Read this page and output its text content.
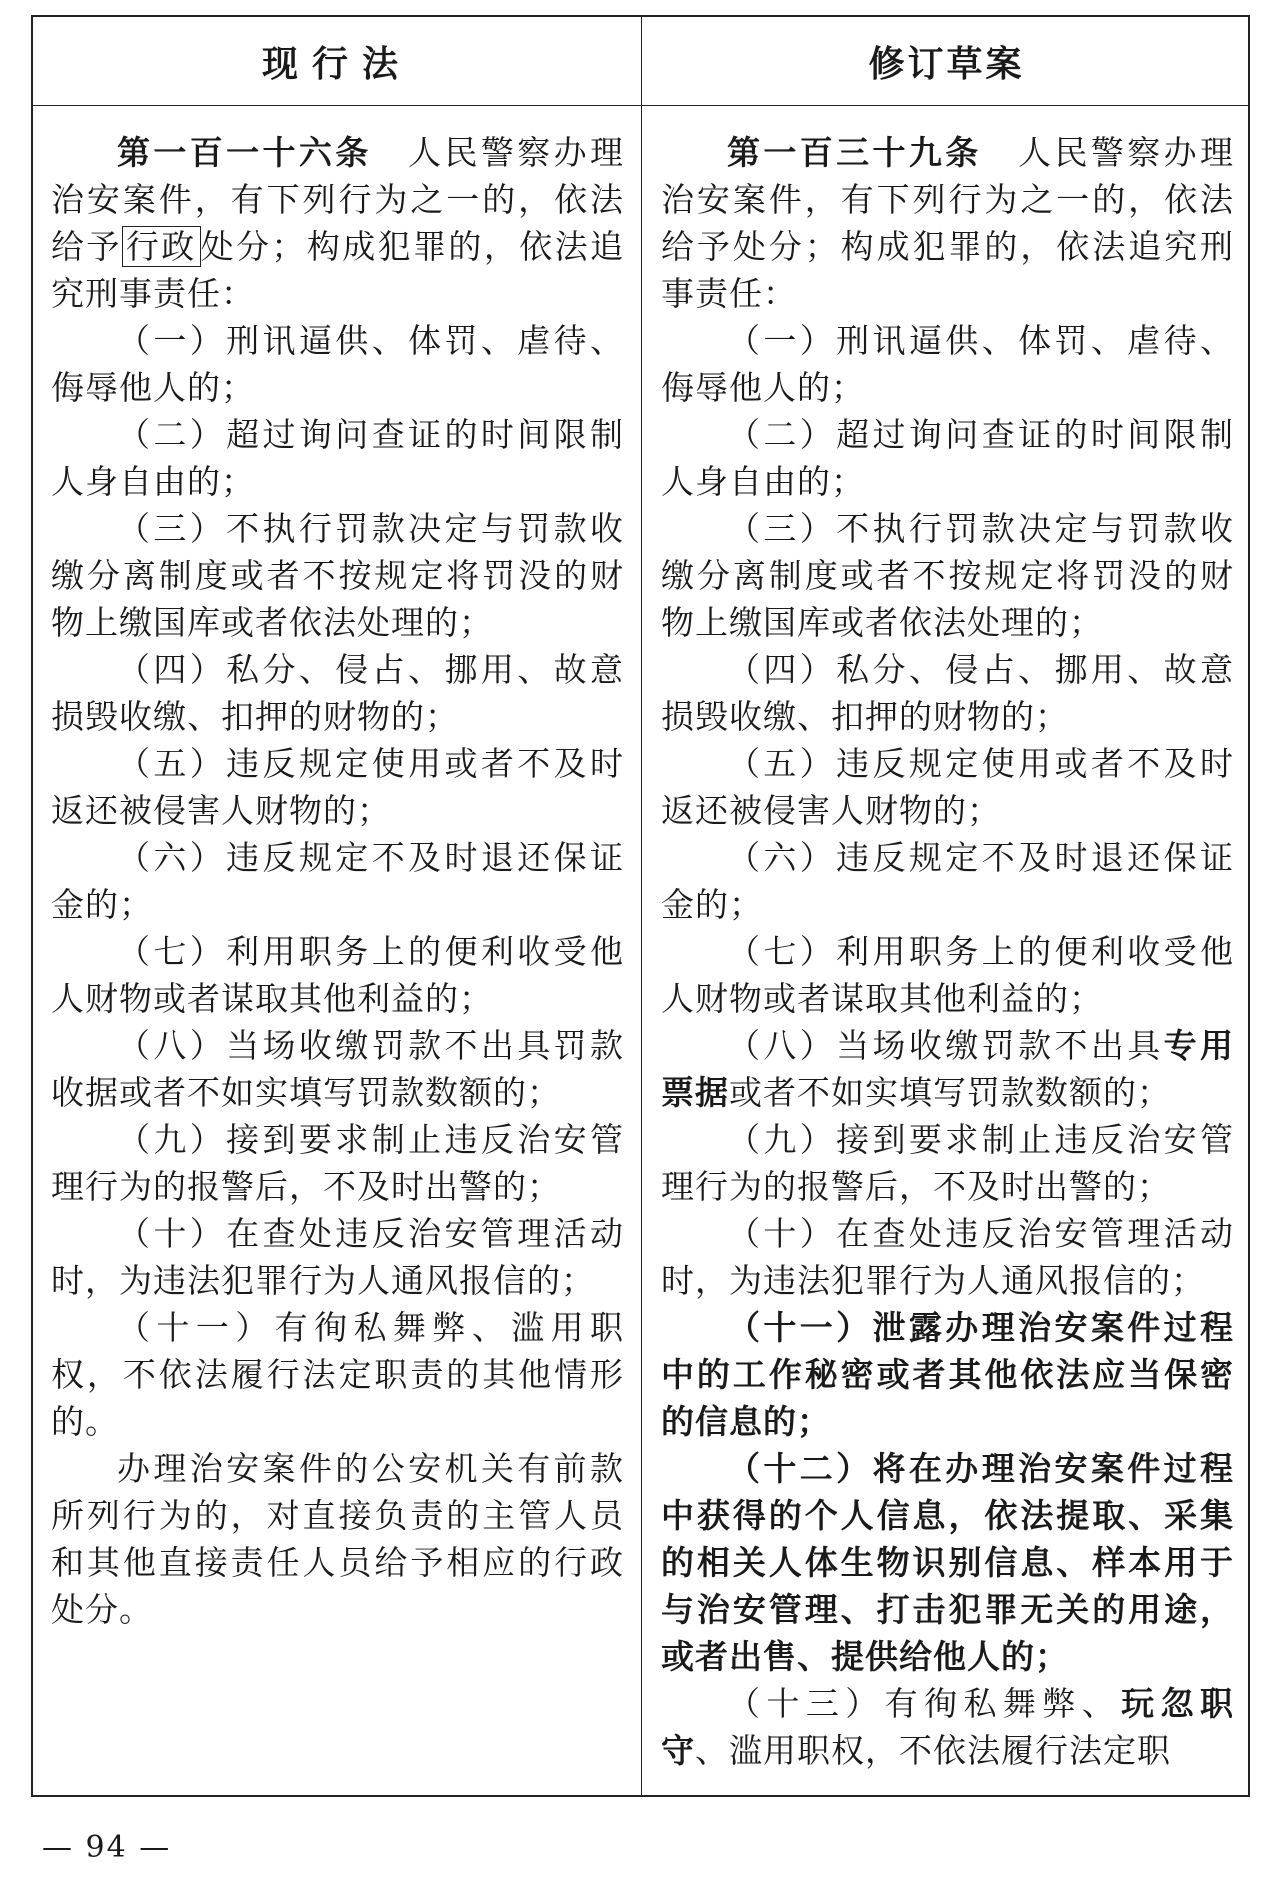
现行法	修订草案

第一百一十六条　 人民警察办理治安案件，有下列行为之一的，依法给予 行政 处分；构成犯罪的，依法追究刑事责任：

（一）刑讯逼供、体罚、虐待、侮辱他人的；

（二）超过询问查证的时间限制人身自由的；

（三）不执行罚款决定与罚款收缴分离制度或者不按规定将罚没的财物上缴国库或者依法处理的；

（四）私分、侵占、挪用、故意损毁收缴、扣押的财物的；

（五）违反规定使用或者不及时返还被侵害人财物的；

（六）违反规定不及时退还保证金的；

（七）利用职务上的便利收受他人财物或者谋取其他利益的；

（八）当场收缴罚款不出具罚款收据或者不如实填写罚款数额的；

（九）接到要求制止违反治安管理行为的报警后，不及时出警的；

（十）在查处违反治安管理活动时，为违法犯罪行为人通风报信的；

（十一）有徇私舞弊、滥用职权，不依法履行法定职责的其他情形的。

办理治安案件的公安机关有前款所列行为的，对直接负责的主管人员和其他直接责任人员给予相应的行政处分。

第一百三十九条　 人民警察办理治安案件，有下列行为之一的，依法给予处分；构成犯罪的，依法追究刑事责任：

（一）刑讯逼供、体罚、虐待、侮辱他人的；

（二）超过询问查证的时间限制人身自由的；

（三）不执行罚款决定与罚款收缴分离制度或者不按规定将罚没的财物上缴国库或者依法处理的；

（四）私分、侵占、挪用、故意损毁收缴、扣押的财物的；

（五）违反规定使用或者不及时返还被侵害人财物的；

（六）违反规定不及时退还保证金的；

（七）利用职务上的便利收受他人财物或者谋取其他利益的；

（八）当场收缴罚款不出具专用票据或者不如实填写罚款数额的；

（九）接到要求制止违反治安管理行为的报警后，不及时出警的；

（十）在查处违反治安管理活动时，为违法犯罪行为人通风报信的；

（十一）泄露办理治安案件过程中的工作秘密或者其他依法应当保密的信息的；

（十二）将在办理治安案件过程中获得的个人信息，依法提取、采集的相关人体生物识别信息、样本用于与治安管理、打击犯罪无关的用途，或者出售、提供给他人的；

（十三）有徇私舞弊、玩忽职守、滥用职权，不依法履行法定职

— 94 —
